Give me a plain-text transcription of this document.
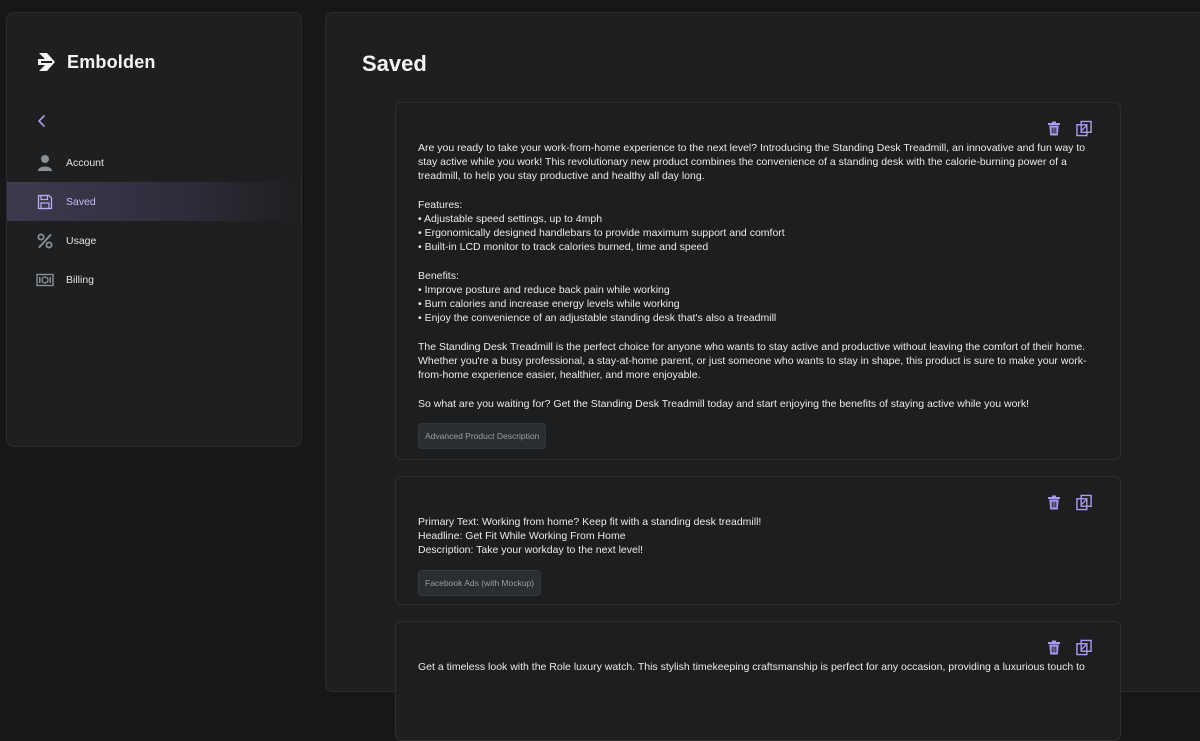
Embolden
Account
Saved
Usage
Billing
Saved

Are you ready to take your work-from-home experience to the next level? Introducing the Standing Desk Treadmill, an innovative and fun way to stay active while you work! This revolutionary new product combines the convenience of a standing desk with the calorie-burning power of a treadmill, to help you stay productive and healthy all day long.

Features:
• Adjustable speed settings, up to 4mph
• Ergonomically designed handlebars to provide maximum support and comfort
• Built-in LCD monitor to track calories burned, time and speed

Benefits:
• Improve posture and reduce back pain while working
• Burn calories and increase energy levels while working
• Enjoy the convenience of an adjustable standing desk that's also a treadmill

The Standing Desk Treadmill is the perfect choice for anyone who wants to stay active and productive without leaving the comfort of their home. Whether you're a busy professional, a stay-at-home parent, or just someone who wants to stay in shape, this product is sure to make your work-from-home experience easier, healthier, and more enjoyable.

So what are you waiting for? Get the Standing Desk Treadmill today and start enjoying the benefits of staying active while you work!

Advanced Product Description

Primary Text: Working from home? Keep fit with a standing desk treadmill!
Headline: Get Fit While Working From Home
Description: Take your workday to the next level!

Facebook Ads (with Mockup)

Get a timeless look with the Role luxury watch. This stylish timekeeping craftsmanship is perfect for any occasion, providing a luxurious touch to
